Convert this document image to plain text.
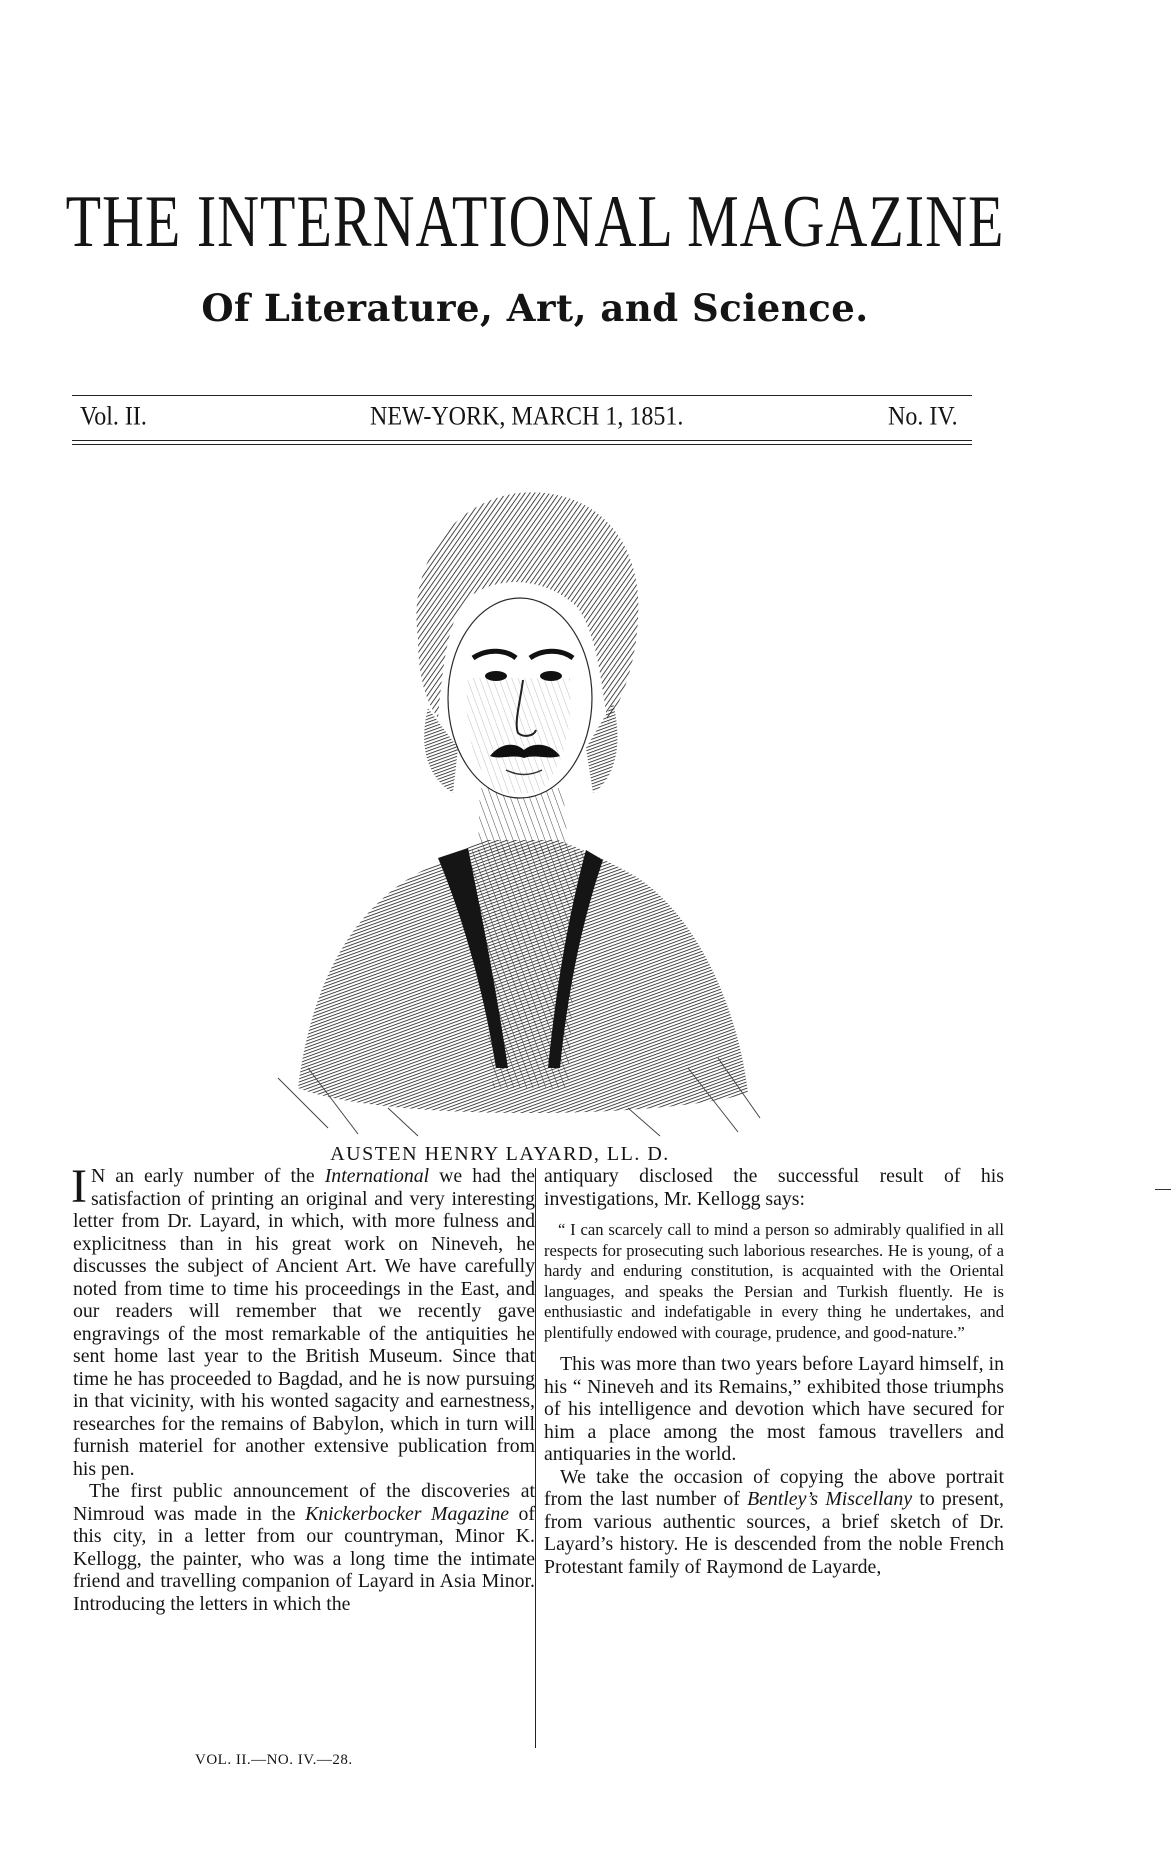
THE INTERNATIONAL MAGAZINE
Of Literature, Art, and Science.
Vol. II.	NEW-YORK, MARCH 1, 1851.	No. IV.
AUSTEN HENRY LAYARD, LL. D.

I N an early number of the International we had the satisfaction of printing an original and very interesting letter from Dr. Layard, in which, with more fulness and explicitness than in his great work on Nineveh, he discusses the subject of Ancient Art. We have carefully noted from time to time his proceedings in the East, and our readers will remember that we recently gave engravings of the most remarkable of the antiquities he sent home last year to the British Museum. Since that time he has proceeded to Bagdad, and he is now pursuing in that vicinity, with his wonted sagacity and earnestness, researches for the remains of Babylon, which in turn will furnish materiel for another extensive publication from his pen.

The first public announcement of the discoveries at Nimroud was made in the Knickerbocker Magazine of this city, in a letter from our countryman, Minor K. Kellogg, the painter, who was a long time the intimate friend and travelling companion of Layard in Asia Minor. Introducing the letters in which the

antiquary disclosed the successful result of his investigations, Mr. Kellogg says:

“ I can scarcely call to mind a person so admirably qualified in all respects for prosecuting such laborious researches. He is young, of a hardy and enduring constitution, is acquainted with the Oriental languages, and speaks the Persian and Turkish fluently. He is enthusiastic and indefatigable in every thing he undertakes, and plentifully endowed with courage, prudence, and good-nature.”

This was more than two years before Layard himself, in his “ Nineveh and its Remains,” exhibited those triumphs of his intelligence and devotion which have secured for him a place among the most famous travellers and antiquaries in the world.

We take the occasion of copying the above portrait from the last number of Bentley’s Miscellany to present, from various authentic sources, a brief sketch of Dr. Layard’s history. He is descended from the noble French Protestant family of Raymond de Layarde,

VOL. II.—NO. IV.—28.
